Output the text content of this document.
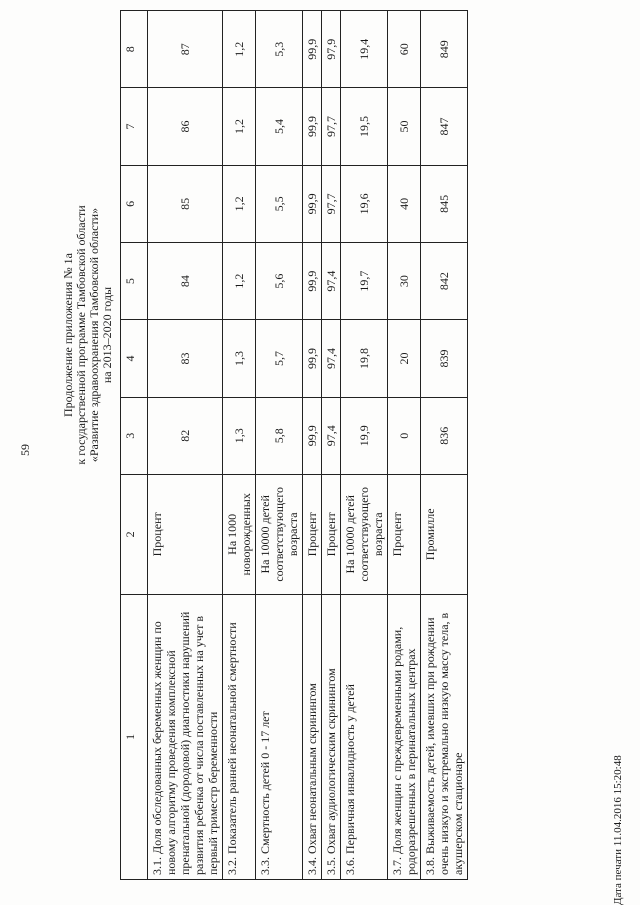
59
Продолжение приложения № 1а к государственной программе Тамбовской области «Развитие здравоохранения Тамбовской области» на 2013–2020 годы
1	2	3	4	5	6	7	8
3.1. Доля обследованных беременных женщин по новому алгоритму проведения комплексной пренатальной (дородовой) диагностики нарушений развития ребенка от числа поставленных на учет в первый триместр беременности	Процент	82	83	84	85	86	87
3.2. Показатель ранней неонатальной смертности	На 1000 новорожденных	1,3	1,3	1,2	1,2	1,2	1,2
3.3. Смертность детей 0 - 17 лет	На 10000 детей соответствующего возраста	5,8	5,7	5,6	5,5	5,4	5,3
3.4. Охват неонатальным скринингом	Процент	99,9	99,9	99,9	99,9	99,9	99,9
3.5. Охват аудиологическим скринингом	Процент	97,4	97,4	97,4	97,7	97,7	97,9
3.6. Первичная инвалидность у детей	На 10000 детей соответствующего возраста	19,9	19,8	19,7	19,6	19,5	19,4
3.7. Доля женщин с преждевременными родами, родоразрешенных в перинатальных центрах	Процент	0	20	30	40	50	60
3.8. Выживаемость детей, имевших при рождении очень низкую и экстремально низкую массу тела, в акушерском стационаре	Промилле	836	839	842	845	847	849
Дата печати 11.04.2016 15:20:48
